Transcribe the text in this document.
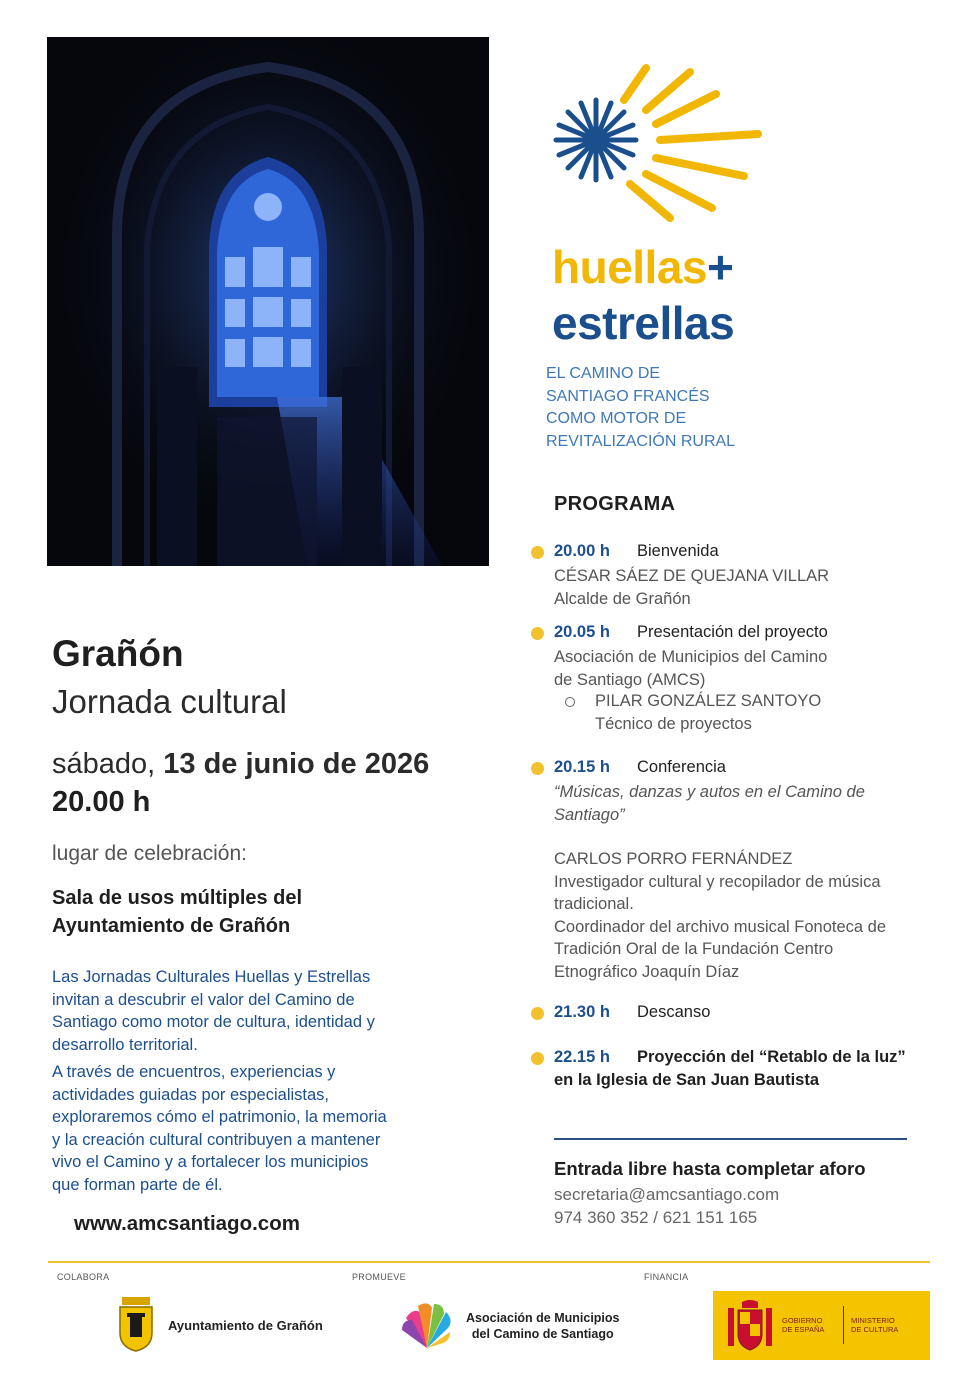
huellas+
estrellas
EL CAMINO DE
SANTIAGO FRANCÉS
COMO MOTOR DE
REVITALIZACIÓN RURAL
Grañón
Jornada cultural
sábado, 13 de junio de 2026
20.00 h
lugar de celebración:
Sala de usos múltiples del
Ayuntamiento de Grañón
Las Jornadas Culturales Huellas y Estrellas
invitan a descubrir el valor del Camino de
Santiago como motor de cultura, identidad y
desarrollo territorial.
A través de encuentros, experiencias y
actividades guiadas por especialistas,
exploraremos cómo el patrimonio, la memoria
y la creación cultural contribuyen a mantener
vivo el Camino y a fortalecer los municipios
que forman parte de él.
www.amcsantiago.com
PROGRAMA
20.00 h Bienvenida
CÉSAR SÁEZ DE QUEJANA VILLAR
Alcalde de Grañón
20.05 h Presentación del proyecto
Asociación de Municipios del Camino
de Santiago (AMCS)
PILAR GONZÁLEZ SANTOYO
Técnico de proyectos
20.15 h Conferencia
“Músicas, danzas y autos en el Camino de
Santiago”
CARLOS PORRO FERNÁNDEZ
Investigador cultural y recopilador de música
tradicional.
Coordinador del archivo musical Fonoteca de
Tradición Oral de la Fundación Centro
Etnográfico Joaquín Díaz
21.30 h Descanso
22.15 h Proyección del “Retablo de la luz”
en la Iglesia de San Juan Bautista
Entrada libre hasta completar aforo
secretaria@amcsantiago.com
974 360 352 / 621 151 165
COLABORA	PROMUEVE	FINANCIA
Ayuntamiento de Grañón	Asociación de Municipios
del Camino de Santiago
GOBIERNO
DE ESPAÑA
MINISTERIO
DE CULTURA
